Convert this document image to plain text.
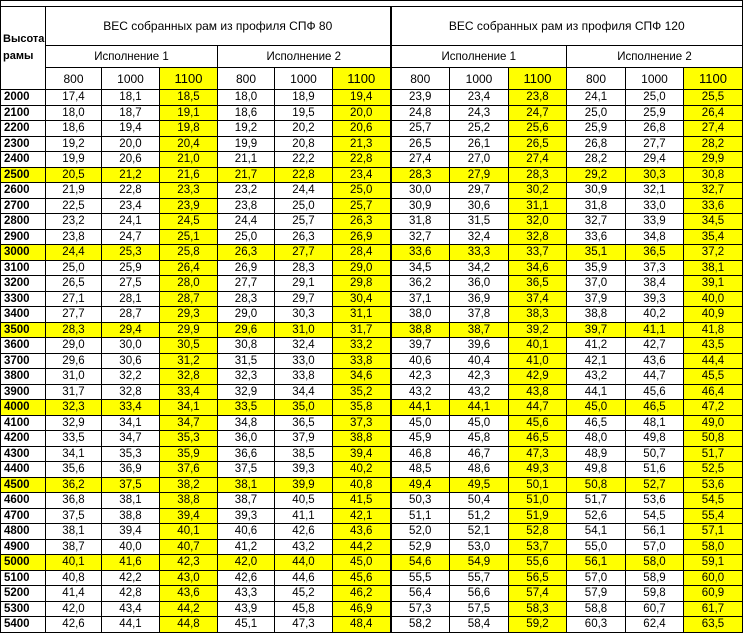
Высота
рамы	ВЕС собранных рам из профиля СПФ 80						ВЕС собранных рам из профиля СПФ 120					
	Исполнение 1			Исполнение 2			Исполнение 1			Исполнение 2		
	800	1000	1100	800	1000	1100	800	1000	1100	800	1000	1100
2000	17,4	18,1	18,5	18,0	18,9	19,4	23,9	23,4	23,8	24,1	25,0	25,5
2100	18,0	18,7	19,1	18,6	19,5	20,0	24,8	24,3	24,7	25,0	25,9	26,4
2200	18,6	19,4	19,8	19,2	20,2	20,6	25,7	25,2	25,6	25,9	26,8	27,4
2300	19,2	20,0	20,4	19,9	20,8	21,3	26,5	26,1	26,5	26,8	27,7	28,2
2400	19,9	20,6	21,0	21,1	22,2	22,8	27,4	27,0	27,4	28,2	29,4	29,9
2500	20,5	21,2	21,6	21,7	22,8	23,4	28,3	27,9	28,3	29,2	30,3	30,8
2600	21,9	22,8	23,3	23,2	24,4	25,0	30,0	29,7	30,2	30,9	32,1	32,7
2700	22,5	23,4	23,9	23,8	25,0	25,7	30,9	30,6	31,1	31,8	33,0	33,6
2800	23,2	24,1	24,5	24,4	25,7	26,3	31,8	31,5	32,0	32,7	33,9	34,5
2900	23,8	24,7	25,1	25,0	26,3	26,9	32,7	32,4	32,8	33,6	34,8	35,4
3000	24,4	25,3	25,8	26,3	27,7	28,4	33,6	33,3	33,7	35,1	36,5	37,2
3100	25,0	25,9	26,4	26,9	28,3	29,0	34,5	34,2	34,6	35,9	37,3	38,1
3200	26,5	27,5	28,0	27,7	29,1	29,8	36,2	36,0	36,5	37,0	38,4	39,1
3300	27,1	28,1	28,7	28,3	29,7	30,4	37,1	36,9	37,4	37,9	39,3	40,0
3400	27,7	28,7	29,3	29,0	30,3	31,1	38,0	37,8	38,3	38,8	40,2	40,9
3500	28,3	29,4	29,9	29,6	31,0	31,7	38,8	38,7	39,2	39,7	41,1	41,8
3600	29,0	30,0	30,5	30,8	32,4	33,2	39,7	39,6	40,1	41,2	42,7	43,5
3700	29,6	30,6	31,2	31,5	33,0	33,8	40,6	40,4	41,0	42,1	43,6	44,4
3800	31,0	32,2	32,8	32,3	33,8	34,6	42,3	42,3	42,9	43,2	44,7	45,5
3900	31,7	32,8	33,4	32,9	34,4	35,2	43,2	43,2	43,8	44,1	45,6	46,4
4000	32,3	33,4	34,1	33,5	35,0	35,8	44,1	44,1	44,7	45,0	46,5	47,2
4100	32,9	34,1	34,7	34,8	36,5	37,3	45,0	45,0	45,6	46,5	48,1	49,0
4200	33,5	34,7	35,3	36,0	37,9	38,8	45,9	45,8	46,5	48,0	49,8	50,8
4300	34,1	35,3	35,9	36,6	38,5	39,4	46,8	46,7	47,3	48,9	50,7	51,7
4400	35,6	36,9	37,6	37,5	39,3	40,2	48,5	48,6	49,3	49,8	51,6	52,5
4500	36,2	37,5	38,2	38,1	39,9	40,8	49,4	49,5	50,1	50,8	52,7	53,6
4600	36,8	38,1	38,8	38,7	40,5	41,5	50,3	50,4	51,0	51,7	53,6	54,5
4700	37,5	38,8	39,4	39,3	41,1	42,1	51,1	51,2	51,9	52,6	54,5	55,4
4800	38,1	39,4	40,1	40,6	42,6	43,6	52,0	52,1	52,8	54,1	56,1	57,1
4900	38,7	40,0	40,7	41,2	43,2	44,2	52,9	53,0	53,7	55,0	57,0	58,0
5000	40,1	41,6	42,3	42,0	44,0	45,0	54,6	54,9	55,6	56,1	58,0	59,1
5100	40,8	42,2	43,0	42,6	44,6	45,6	55,5	55,7	56,5	57,0	58,9	60,0
5200	41,4	42,8	43,6	43,3	45,2	46,2	56,4	56,6	57,4	57,9	59,8	60,9
5300	42,0	43,4	44,2	43,9	45,8	46,9	57,3	57,5	58,3	58,8	60,7	61,7
5400	42,6	44,1	44,8	45,1	47,3	48,4	58,2	58,4	59,2	60,3	62,4	63,5
